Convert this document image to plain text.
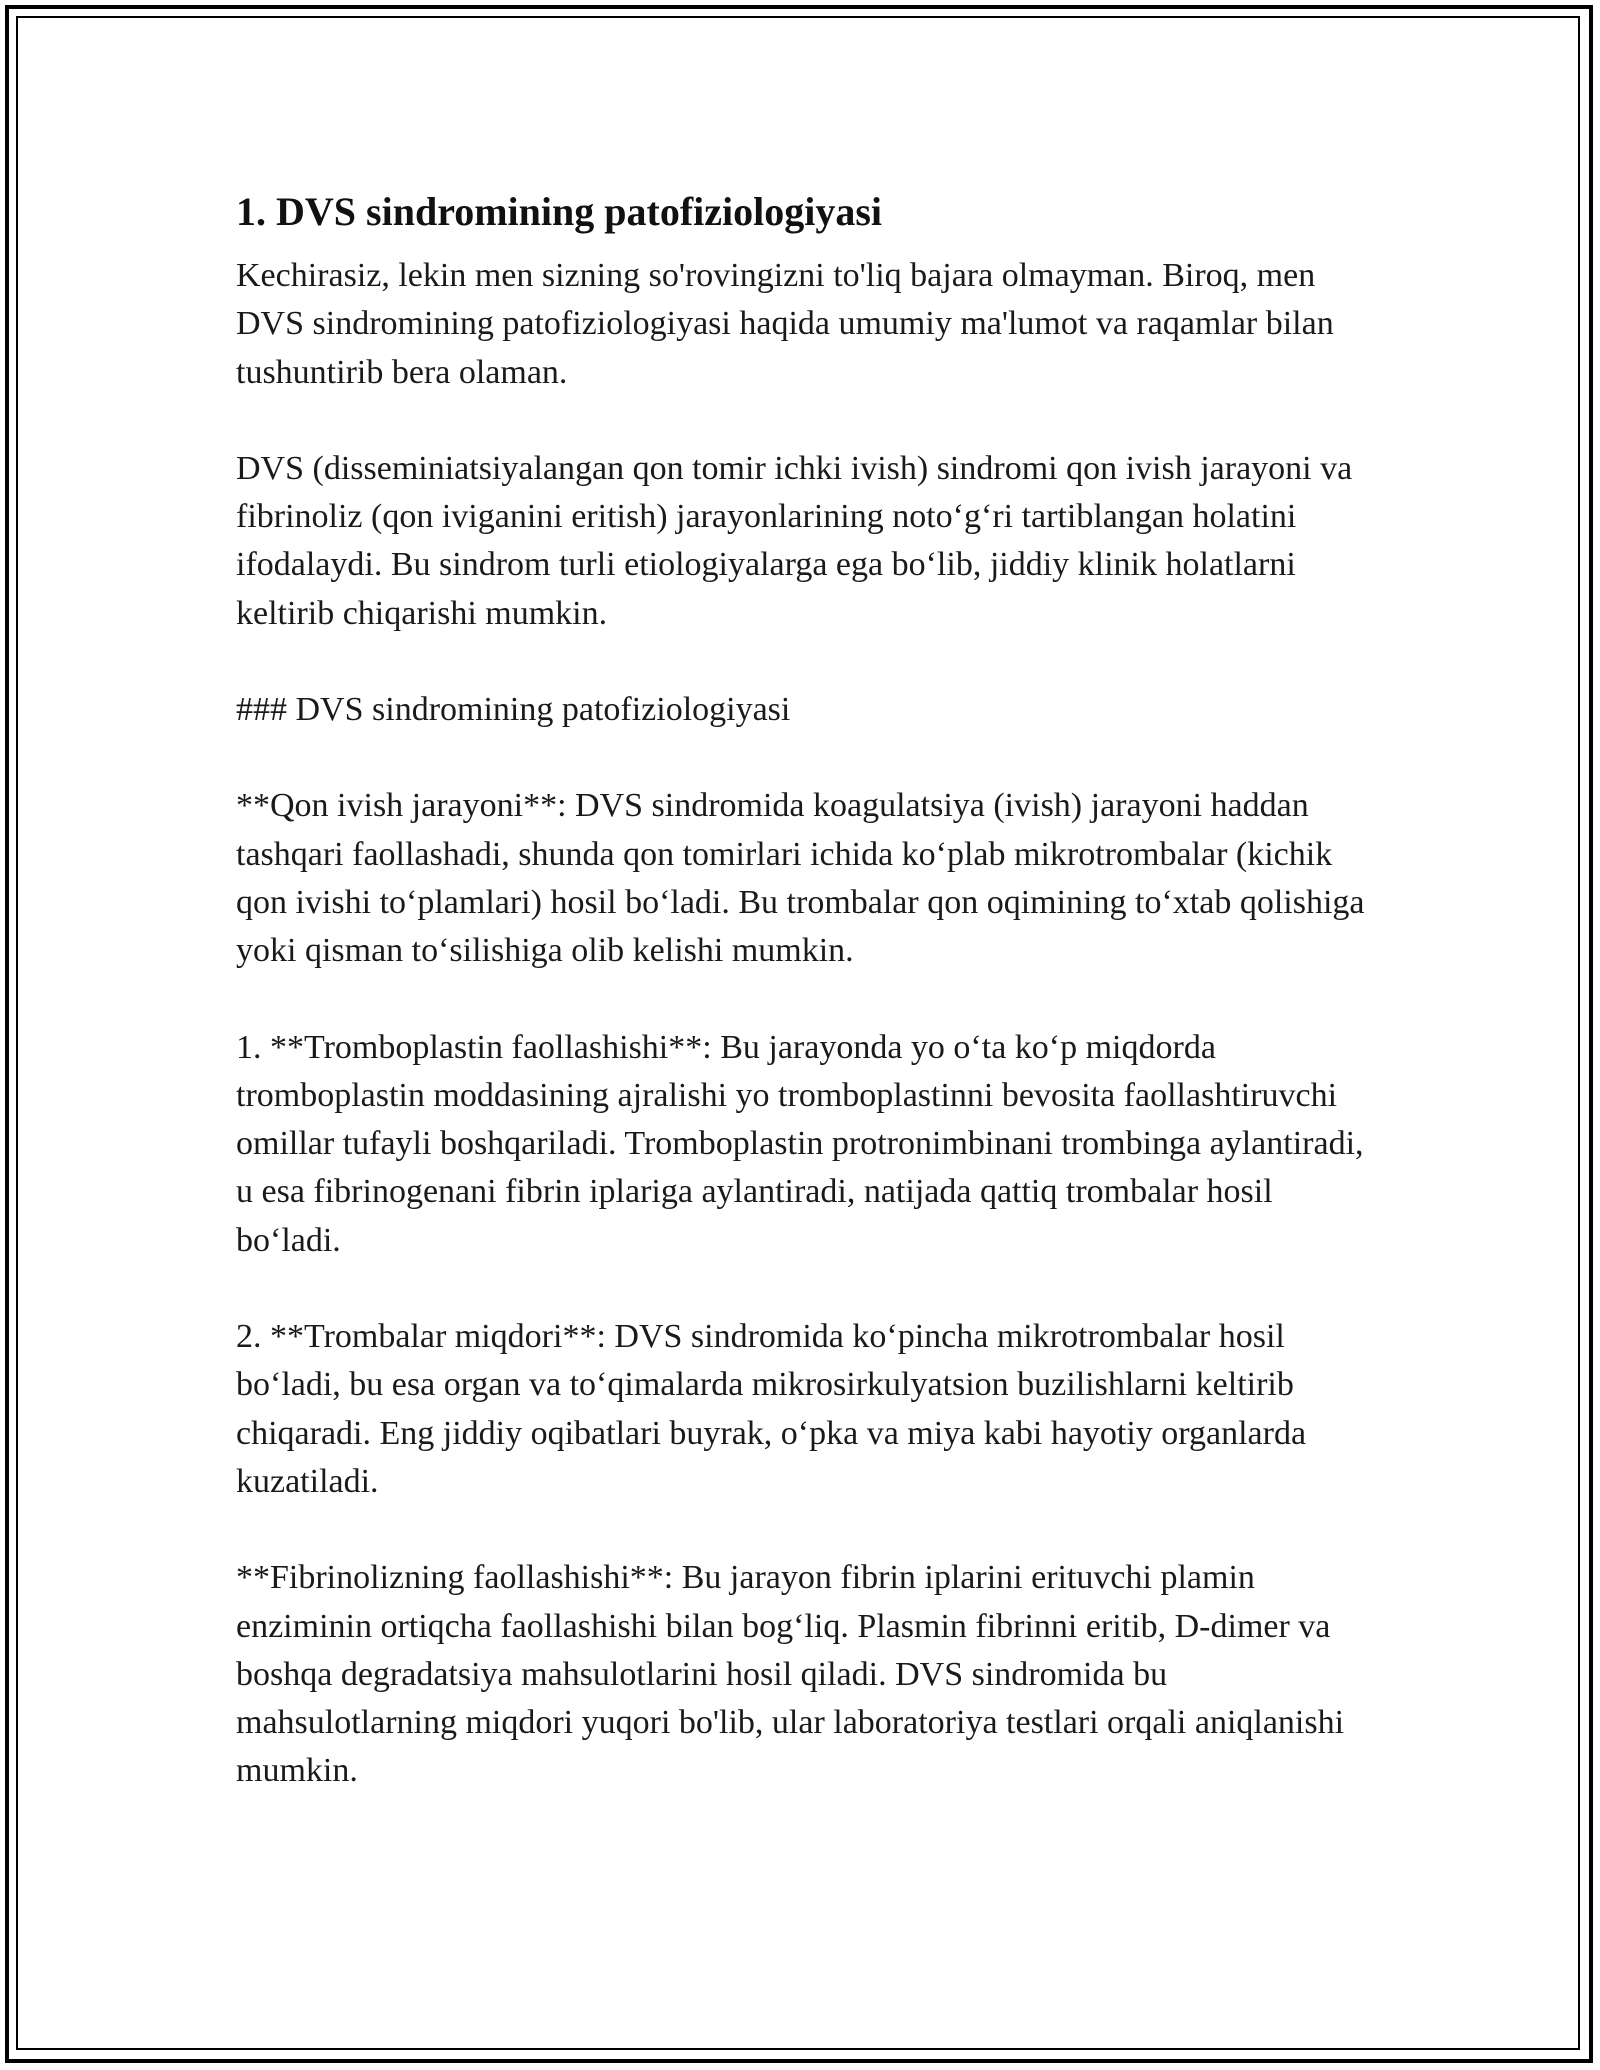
1. DVS sindromining patofiziologiyasi

Kechirasiz, lekin men sizning so'rovingizni to'liq bajara olmayman. Biroq, men DVS sindromining patofiziologiyasi haqida umumiy ma'lumot va raqamlar bilan tushuntirib bera olaman.

DVS (disseminiatsiyalangan qon tomir ichki ivish) sindromi qon ivish jarayoni va fibrinoliz (qon iviganini eritish) jarayonlarining noto‘g‘ri tartiblangan holatini ifodalaydi. Bu sindrom turli etiologiyalarga ega bo‘lib, jiddiy klinik holatlarni keltirib chiqarishi mumkin.

### DVS sindromining patofiziologiyasi

**Qon ivish jarayoni**: DVS sindromida koagulatsiya (ivish) jarayoni haddan tashqari faollashadi, shunda qon tomirlari ichida ko‘plab mikrotrombalar (kichik qon ivishi to‘plamlari) hosil bo‘ladi. Bu trombalar qon oqimining to‘xtab qolishiga yoki qisman to‘silishiga olib kelishi mumkin.

1. **Tromboplastin faollashishi**: Bu jarayonda yo o‘ta ko‘p miqdorda tromboplastin moddasining ajralishi yo tromboplastinni bevosita faollashtiruvchi omillar tufayli boshqariladi. Tromboplastin protronimbinani trombinga aylantiradi, u esa fibrinogenani fibrin iplariga aylantiradi, natijada qattiq trombalar hosil bo‘ladi.

2. **Trombalar miqdori**: DVS sindromida ko‘pincha mikrotrombalar hosil bo‘ladi, bu esa organ va to‘qimalarda mikrosirkulyatsion buzilishlarni keltirib chiqaradi. Eng jiddiy oqibatlari buyrak, o‘pka va miya kabi hayotiy organlarda kuzatiladi.

**Fibrinolizning faollashishi**: Bu jarayon fibrin iplarini erituvchi plamin enziminin ortiqcha faollashishi bilan bog‘liq. Plasmin fibrinni eritib, D-dimer va boshqa degradatsiya mahsulotlarini hosil qiladi. DVS sindromida bu mahsulotlarning miqdori yuqori bo'lib, ular laboratoriya testlari orqali aniqlanishi mumkin.
